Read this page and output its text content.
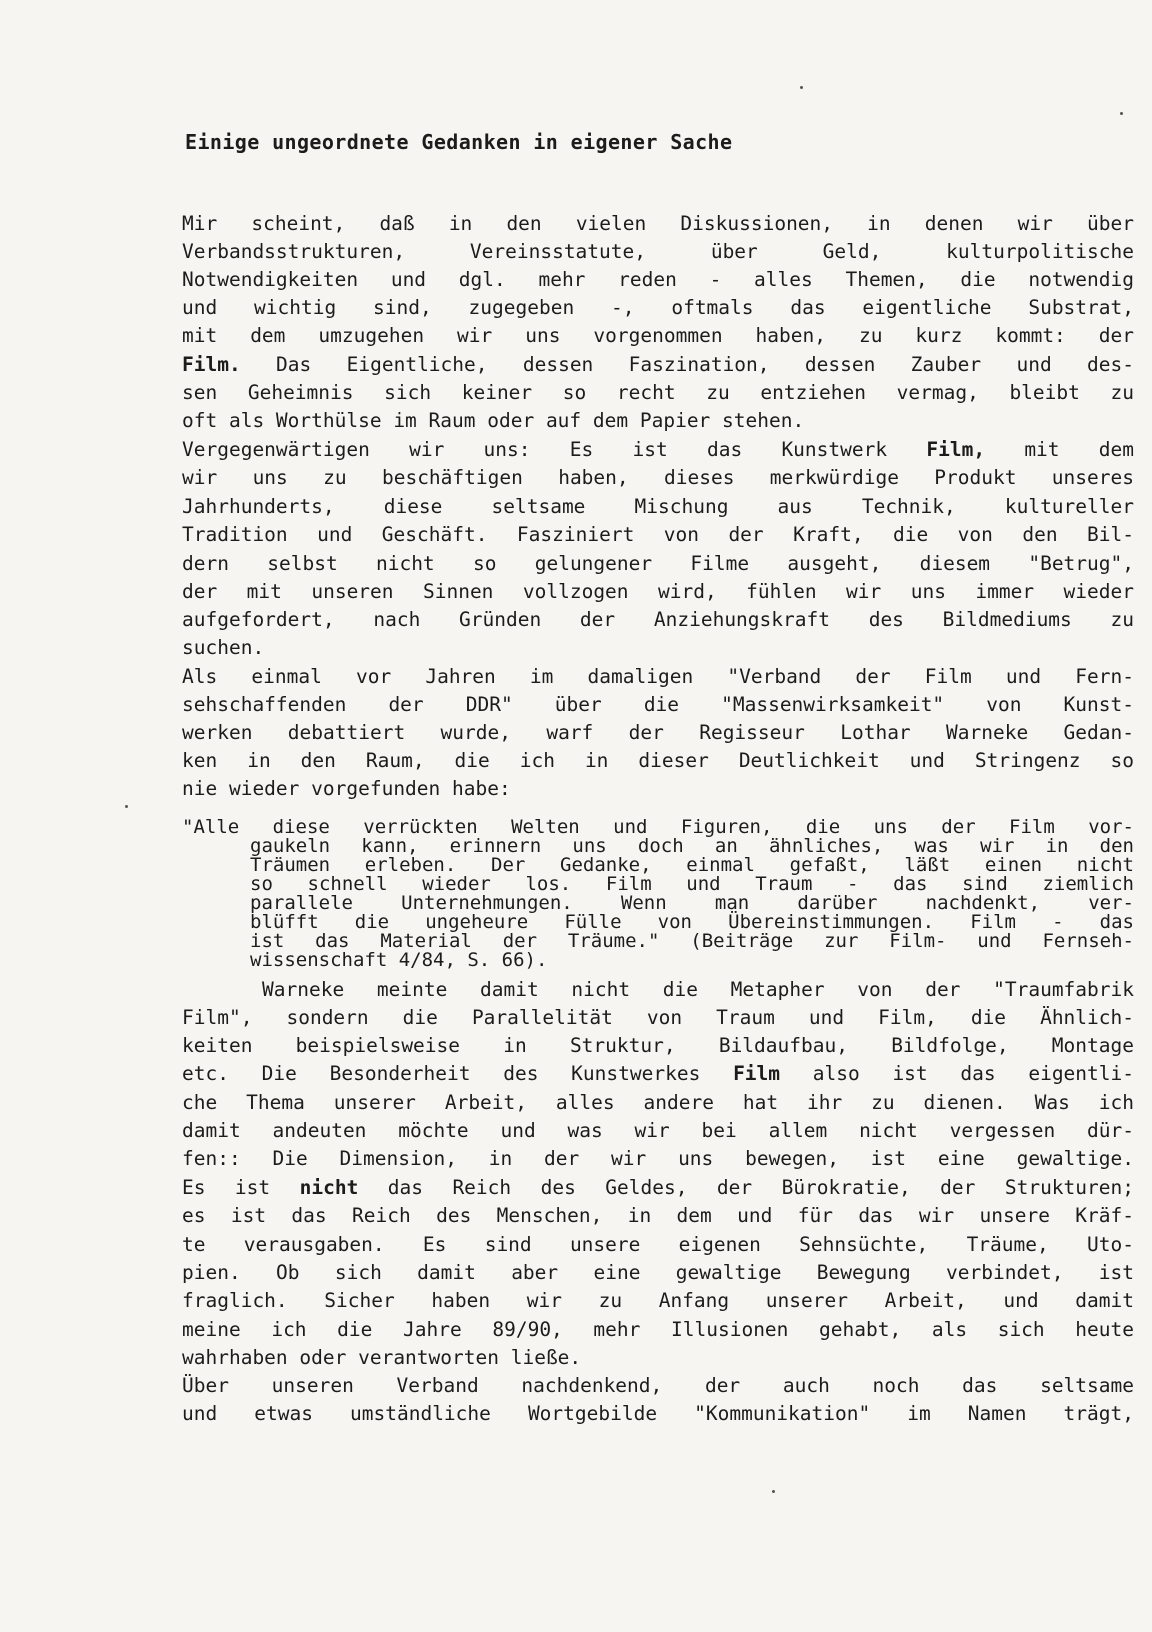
Einige ungeordnete Gedanken in eigener Sache
Mir scheint, daß in den vielen Diskussionen, in denen wir über
Verbandsstrukturen, Vereinsstatute, über Geld, kulturpolitische
Notwendigkeiten und dgl. mehr reden - alles Themen, die notwendig
und wichtig sind, zugegeben -, oftmals das eigentliche Substrat,
mit dem umzugehen wir uns vorgenommen haben, zu kurz kommt: der
Film. Das Eigentliche, dessen Faszination, dessen Zauber und des-
sen Geheimnis sich keiner so recht zu entziehen vermag, bleibt zu
oft als Worthülse im Raum oder auf dem Papier stehen.
Vergegenwärtigen wir uns: Es ist das Kunstwerk Film, mit dem
wir uns zu beschäftigen haben, dieses merkwürdige Produkt unseres
Jahrhunderts, diese seltsame Mischung aus Technik, kultureller
Tradition und Geschäft. Fasziniert von der Kraft, die von den Bil-
dern selbst nicht so gelungener Filme ausgeht, diesem "Betrug",
der mit unseren Sinnen vollzogen wird, fühlen wir uns immer wieder
aufgefordert, nach Gründen der Anziehungskraft des Bildmediums zu
suchen.
Als einmal vor Jahren im damaligen "Verband der Film und Fern-
sehschaffenden der DDR" über die "Massenwirksamkeit" von Kunst-
werken debattiert wurde, warf der Regisseur Lothar Warneke Gedan-
ken in den Raum, die ich in dieser Deutlichkeit und Stringenz so
nie wieder vorgefunden habe:
"Alle diese verrückten Welten und Figuren, die uns der Film vor-
gaukeln kann, erinnern uns doch an ähnliches, was wir in den
Träumen erleben. Der Gedanke, einmal gefaßt, läßt einen nicht
so schnell wieder los. Film und Traum - das sind ziemlich
parallele Unternehmungen. Wenn man darüber nachdenkt, ver-
blüfft die ungeheure Fülle von Übereinstimmungen. Film - das
ist das Material der Träume." (Beiträge zur Film- und Fernseh-
wissenschaft 4/84, S. 66).
Warneke meinte damit nicht die Metapher von der "Traumfabrik
Film", sondern die Parallelität von Traum und Film, die Ähnlich-
keiten beispielsweise in Struktur, Bildaufbau, Bildfolge, Montage
etc. Die Besonderheit des Kunstwerkes Film also ist das eigentli-
che Thema unserer Arbeit, alles andere hat ihr zu dienen. Was ich
damit andeuten möchte und was wir bei allem nicht vergessen dür-
fen:: Die Dimension, in der wir uns bewegen, ist eine gewaltige.
Es ist nicht das Reich des Geldes, der Bürokratie, der Strukturen;
es ist das Reich des Menschen, in dem und für das wir unsere Kräf-
te verausgaben. Es sind unsere eigenen Sehnsüchte, Träume, Uto-
pien. Ob sich damit aber eine gewaltige Bewegung verbindet, ist
fraglich. Sicher haben wir zu Anfang unserer Arbeit, und damit
meine ich die Jahre 89/90, mehr Illusionen gehabt, als sich heute
wahrhaben oder verantworten ließe.
Über unseren Verband nachdenkend, der auch noch das seltsame
und etwas umständliche Wortgebilde "Kommunikation" im Namen trägt,
